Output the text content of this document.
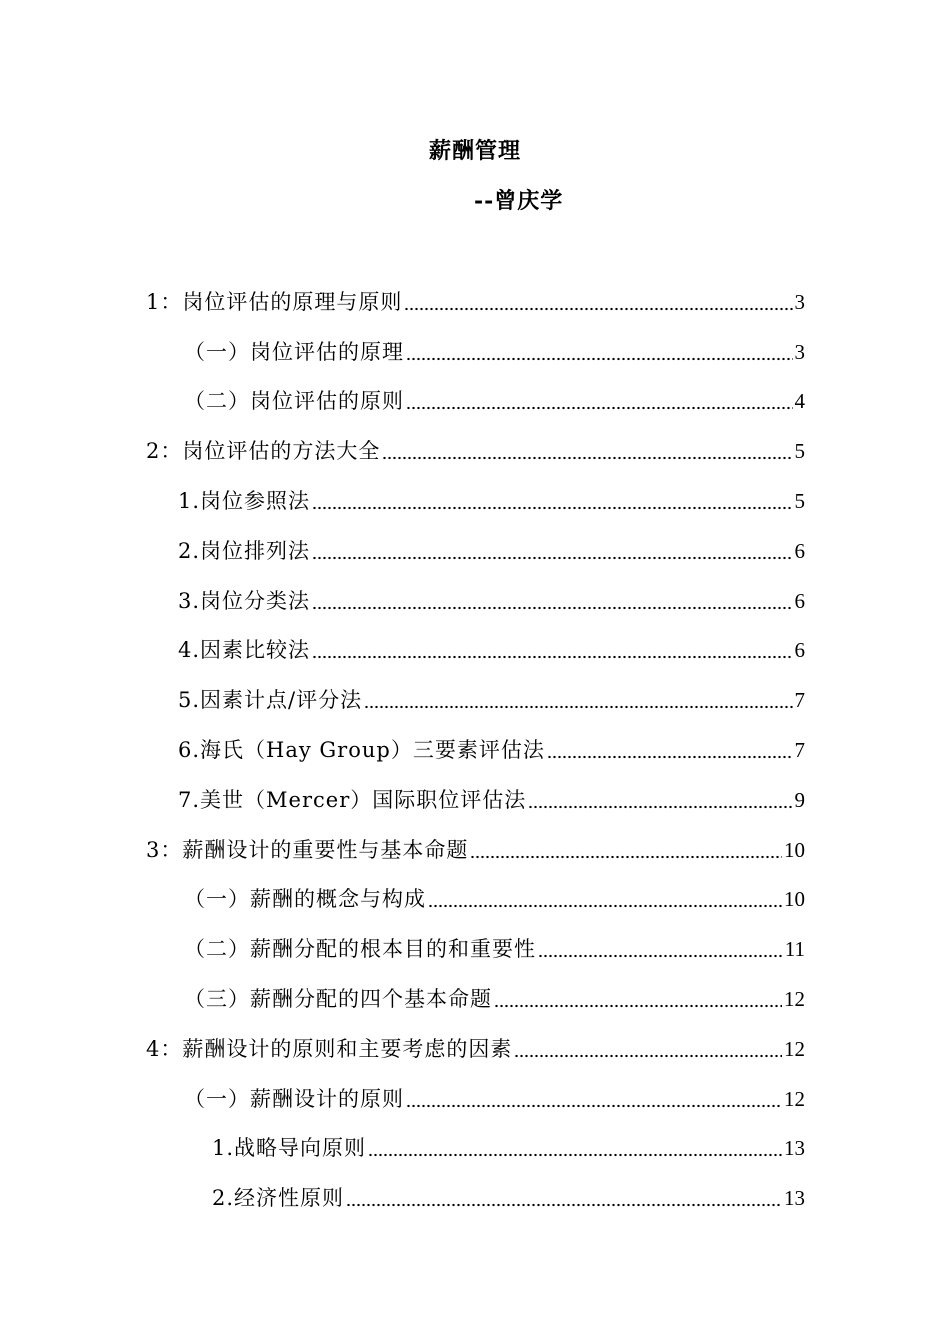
薪酬管理
--曾庆学
1：岗位评估的原理与原则	3
（一）岗位评估的原理	3
（二）岗位评估的原则	4
2：岗位评估的方法大全	5
1.岗位参照法	5
2.岗位排列法	6
3.岗位分类法	6
4.因素比较法	6
5.因素计点/评分法	7
6.海氏（Hay Group）三要素评估法	7
7.美世（Mercer）国际职位评估法	9
3：薪酬设计的重要性与基本命题	10
（一）薪酬的概念与构成	10
（二）薪酬分配的根本目的和重要性	11
（三）薪酬分配的四个基本命题	12
4：薪酬设计的原则和主要考虑的因素	12
（一）薪酬设计的原则	12
1.战略导向原则	13
2.经济性原则	13
